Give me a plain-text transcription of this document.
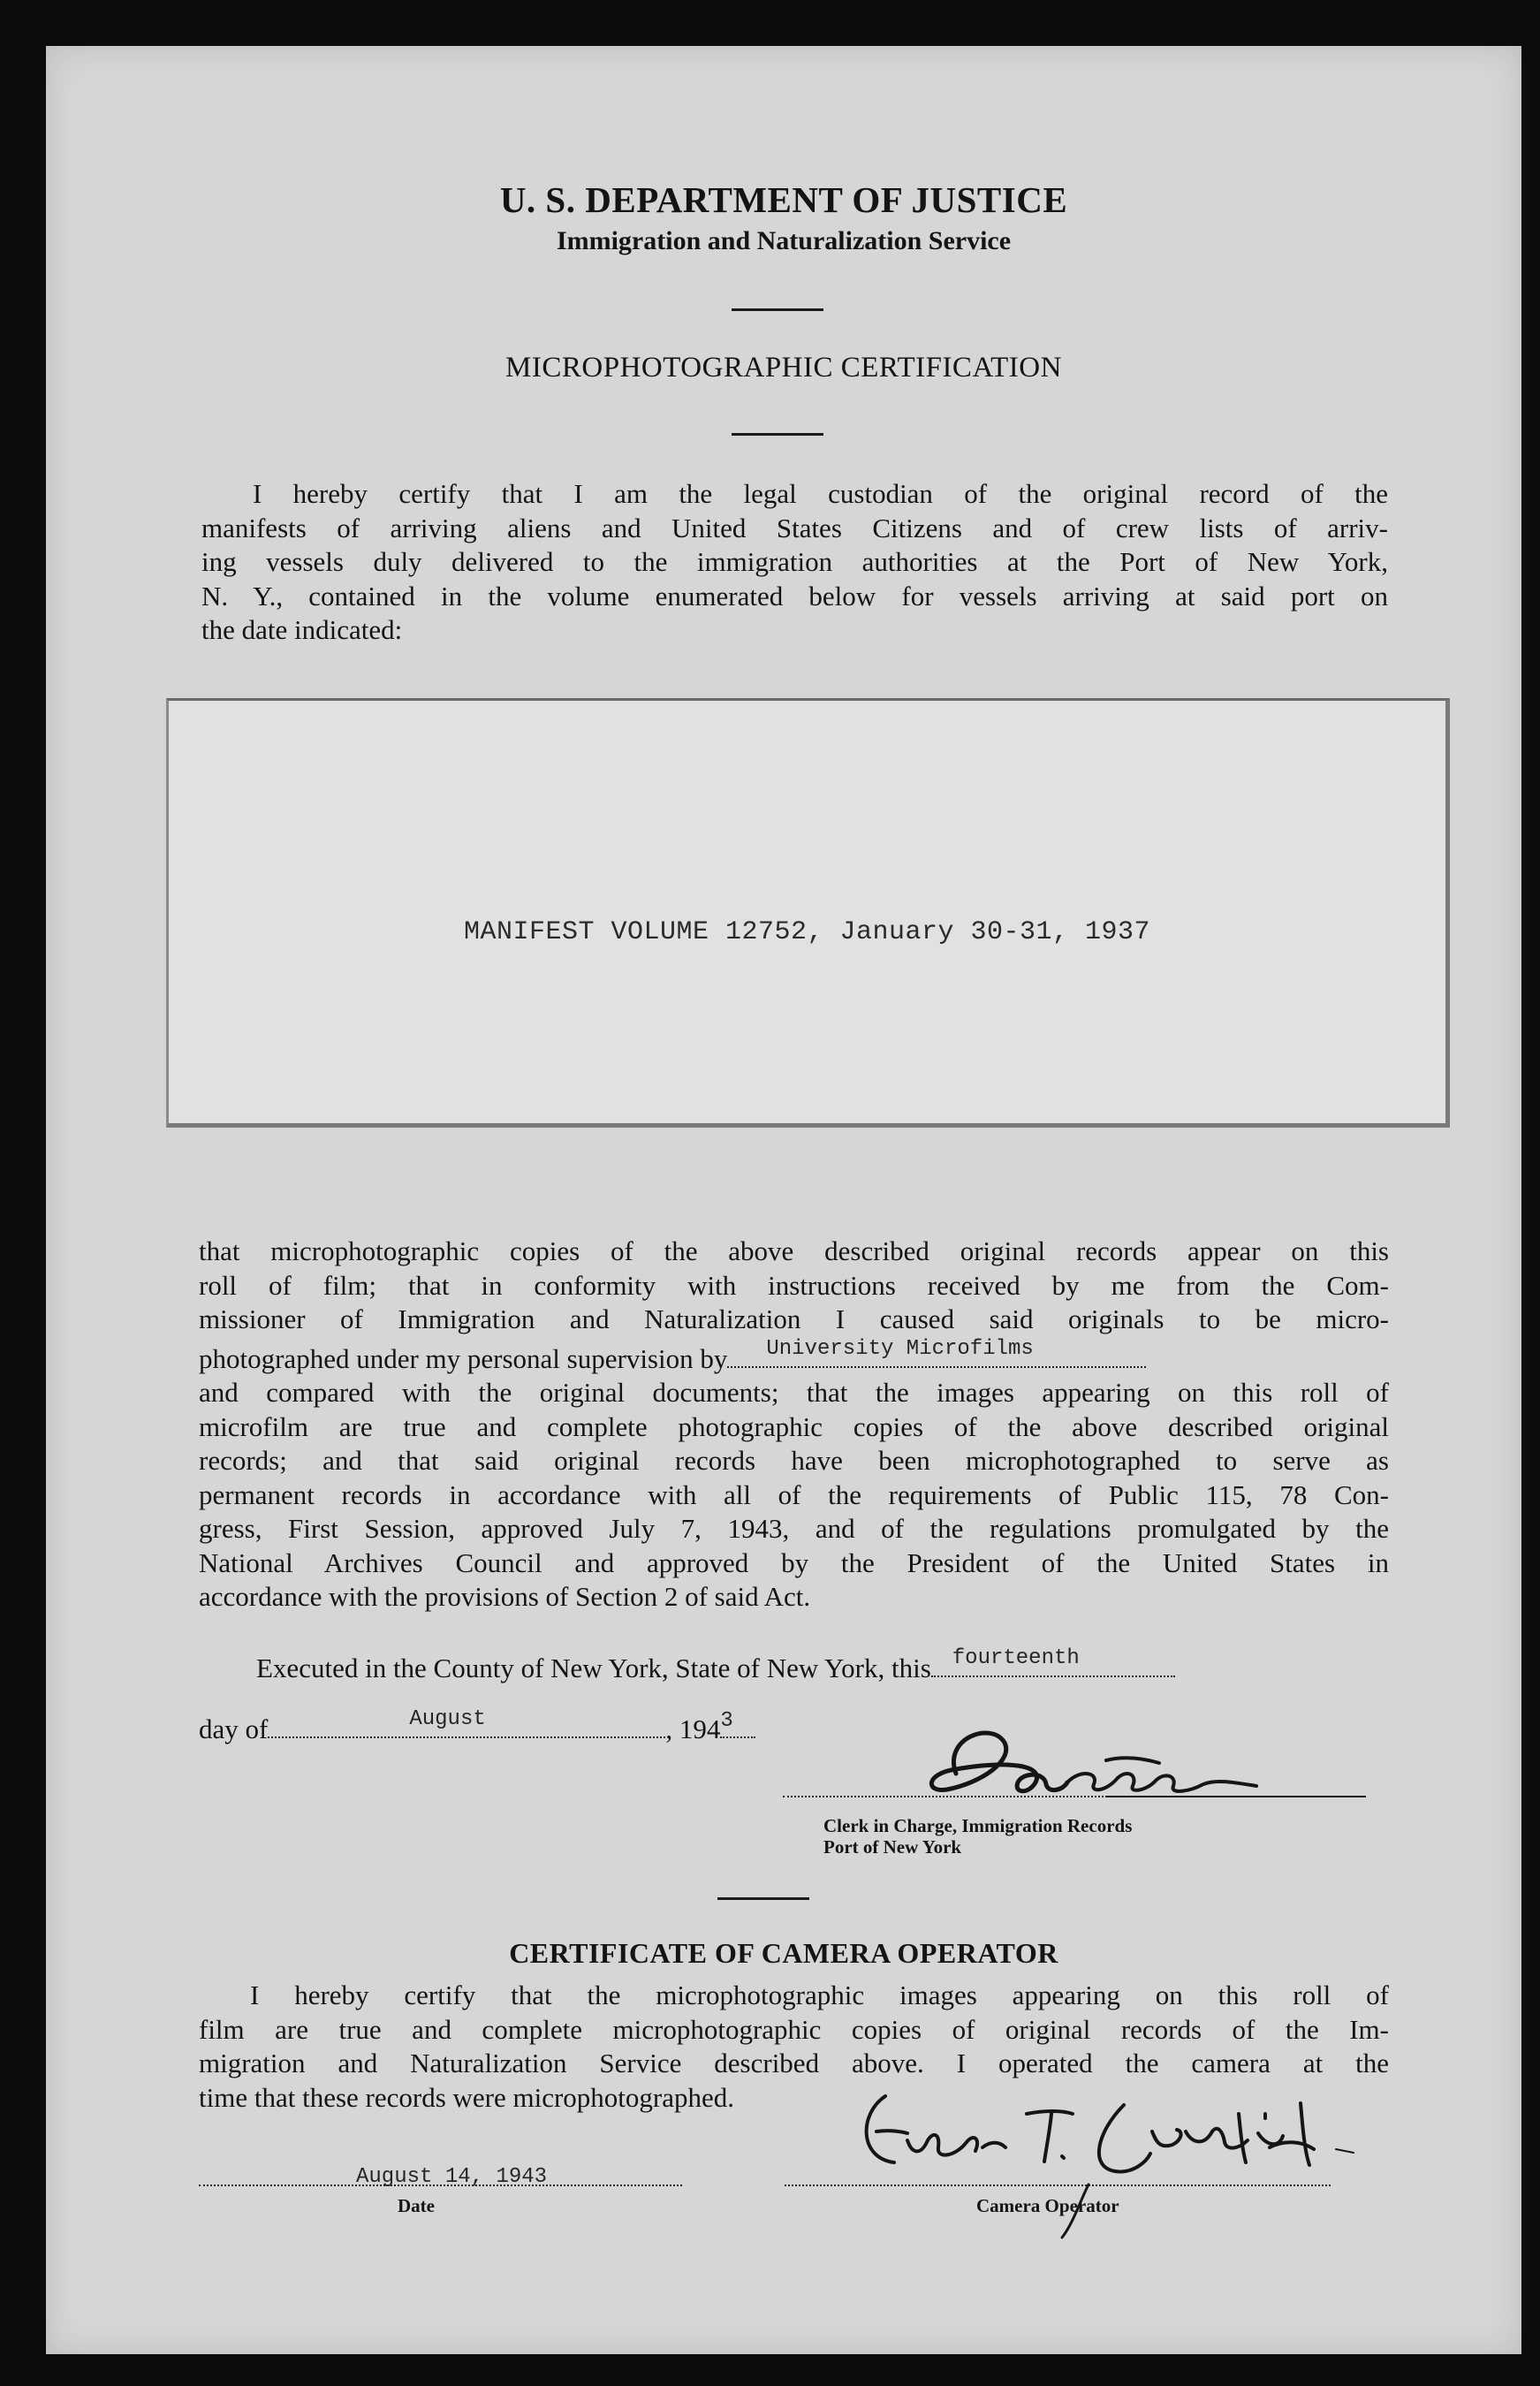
U. S. DEPARTMENT OF JUSTICE
Immigration and Naturalization Service
MICROPHOTOGRAPHIC CERTIFICATION
I hereby certify that I am the legal custodian of the original record of the
manifests of arriving aliens and United States Citizens and of crew lists of arriv-
ing vessels duly delivered to the immigration authorities at the Port of New York,
N. Y., contained in the volume enumerated below for vessels arriving at said port on
the date indicated:
MANIFEST VOLUME 12752, January 30-31, 1937
that microphotographic copies of the above described original records appear on this
roll of film; that in conformity with instructions received by me from the Com-
missioner of Immigration and Naturalization I caused said originals to be micro-
photographed under my personal supervision by University Microfilms
and compared with the original documents; that the images appearing on this roll of
microfilm are true and complete photographic copies of the above described original
records; and that said original records have been microphotographed to serve as
permanent records in accordance with all of the requirements of Public 115, 78 Con-
gress, First Session, approved July 7, 1943, and of the regulations promulgated by the
National Archives Council and approved by the President of the United States in
accordance with the provisions of Section 2 of said Act.
Executed in the County of New York, State of New York, this fourteenth
day of	August	, 194 3
Clerk in Charge, Immigration Records
Port of New York
CERTIFICATE OF CAMERA OPERATOR
I hereby certify that the microphotographic images appearing on this roll of
film are true and complete microphotographic copies of original records of the Im-
migration and Naturalization Service described above. I operated the camera at the
time that these records were microphotographed.
August 14, 1943
Date	Camera Operator
